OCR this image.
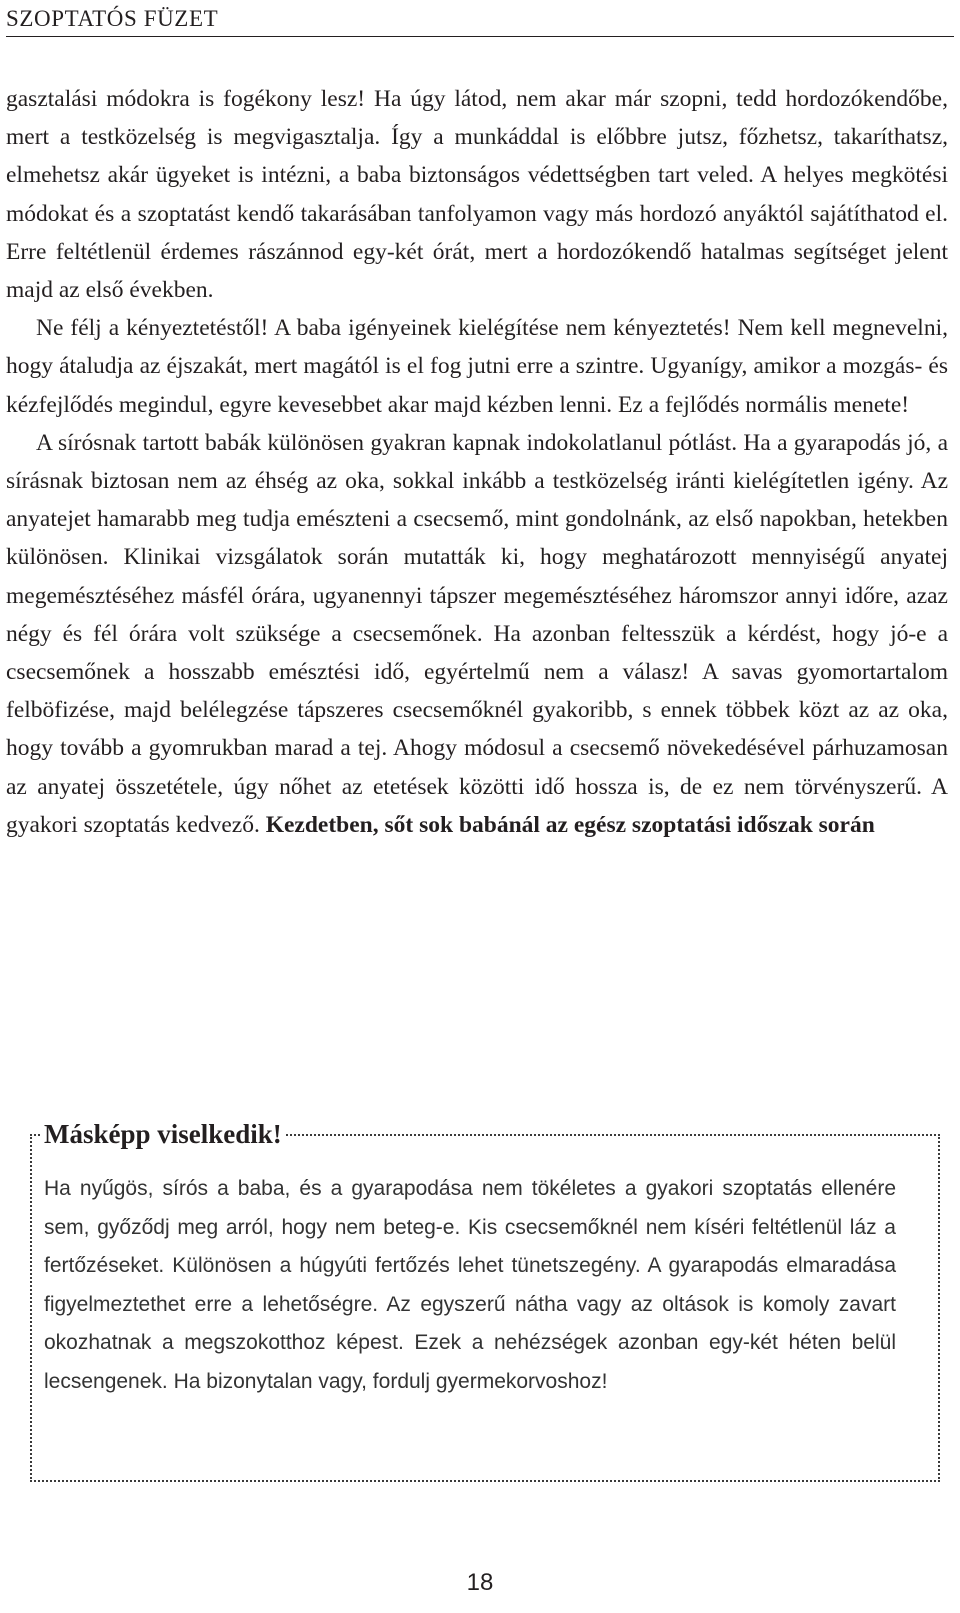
SZOPTATÓS FÜZET

gasztalási módokra is fogékony lesz! Ha úgy látod, nem akar már szopni, tedd hordozókendőbe, mert a testközelség is megvigasztalja. Így a munkáddal is előbbre jutsz, főzhetsz, takaríthatsz, elmehetsz akár ügyeket is intézni, a baba biztonságos védettségben tart veled. A helyes megkötési módokat és a szoptatást kendő takarásában tanfolyamon vagy más hordozó anyáktól sajátíthatod el. Erre feltétlenül érdemes rászánnod egy-két órát, mert a hordozókendő hatalmas segítséget jelent majd az első években.

Ne félj a kényeztetéstől! A baba igényeinek kielégítése nem kényeztetés! Nem kell megnevelni, hogy átaludja az éjszakát, mert magától is el fog jutni erre a szintre. Ugyanígy, amikor a mozgás- és kézfejlődés megindul, egyre kevesebbet akar majd kézben lenni. Ez a fejlődés normális menete!

A sírósnak tartott babák különösen gyakran kapnak indokolatlanul pótlást. Ha a gyarapodás jó, a sírásnak biztosan nem az éhség az oka, sokkal inkább a testközelség iránti kielégítetlen igény. Az anyatejet hamarabb meg tudja emészteni a csecsemő, mint gondolnánk, az első napokban, hetekben különösen. Klinikai vizsgálatok során mutatták ki, hogy meghatározott mennyiségű anyatej megemésztéséhez másfél órára, ugyanennyi tápszer megemésztéséhez háromszor annyi időre, azaz négy és fél órára volt szüksége a csecsemőnek. Ha azonban feltesszük a kérdést, hogy jó-e a csecsemőnek a hosszabb emésztési idő, egyértelmű nem a válasz! A savas gyomortartalom felböfizése, majd belélegzése tápszeres csecsemőknél gyakoribb, s ennek többek közt az az oka, hogy tovább a gyomrukban marad a tej. Ahogy módosul a csecsemő növekedésével párhuzamosan az anyatej összetétele, úgy nőhet az etetések közötti idő hossza is, de ez nem törvényszerű. A gyakori szoptatás kedvező. Kezdetben, sőt sok babánál az egész szoptatási időszak során

Másképp viselkedik!

Ha nyűgös, sírós a baba, és a gyarapodása nem tökéletes a gyakori szoptatás ellenére sem, győződj meg arról, hogy nem beteg-e. Kis csecsemőknél nem kíséri feltétlenül láz a fertőzéseket. Különösen a húgyúti fertőzés lehet tünetszegény. A gyarapodás elmaradása figyelmeztethet erre a lehetőségre. Az egyszerű nátha vagy az oltások is komoly zavart okozhatnak a megszokotthoz képest. Ezek a nehézségek azonban egy-két héten belül lecsengenek. Ha bizonytalan vagy, fordulj gyermekorvoshoz!

18
